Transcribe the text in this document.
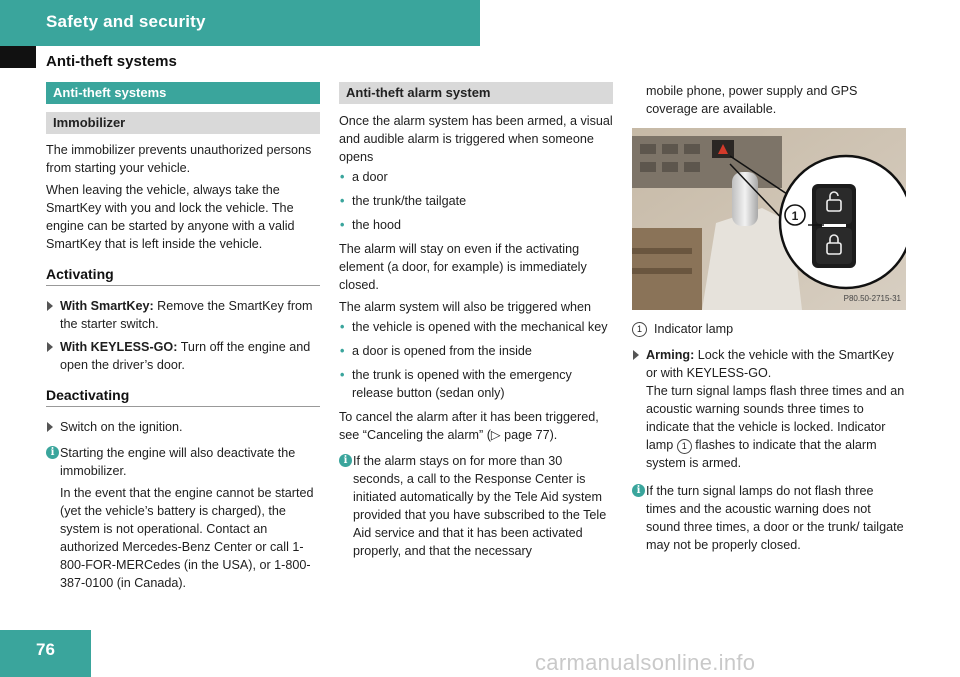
Safety and security
Anti-theft systems
Anti-theft systems
Immobilizer

The immobilizer prevents unauthorized persons from starting your vehicle.

When leaving the vehicle, always take the SmartKey with you and lock the vehicle. The engine can be started by anyone with a valid SmartKey that is left inside the vehicle.

Activating
With SmartKey: Remove the SmartKey from the starter switch.
With KEYLESS-GO: Turn off the engine and open the driver’s door.
Deactivating
Switch on the ignition.
i Starting the engine will also deactivate the immobilizer.

In the event that the engine cannot be started (yet the vehicle’s battery is charged), the system is not operational. Contact an authorized Mercedes-Benz Center or call 1-800-FOR-MERCedes (in the USA), or 1-800-387-0100 (in Canada).

Anti-theft alarm system

Once the alarm system has been armed, a visual and audible alarm is triggered when someone opens

• a door
• the trunk/the tailgate
• the hood

The alarm will stay on even if the activating element (a door, for example) is immediately closed.

The alarm system will also be triggered when

• the vehicle is opened with the mechanical key
• a door is opened from the inside
• the trunk is opened with the emergency release button (sedan only)

To cancel the alarm after it has been triggered, see “Canceling the alarm” (▷ page 77).

i If the alarm stays on for more than 30 seconds, a call to the Response Center is initiated automatically by the Tele Aid system provided that you have subscribed to the Tele Aid service and that it has been activated properly, and that the necessary

mobile phone, power supply and GPS coverage are available.

1
P80.50-2715-31
1 Indicator lamp
Arming: Lock the vehicle with the SmartKey or with KEYLESS-GO.
The turn signal lamps flash three times and an acoustic warning sounds three times to indicate that the vehicle is locked. Indicator lamp 1 flashes to indicate that the alarm system is armed.
i If the turn signal lamps do not flash three times and the acoustic warning does not sound three times, a door or the trunk/ tailgate may not be properly closed.

76
carmanualsonline.info
